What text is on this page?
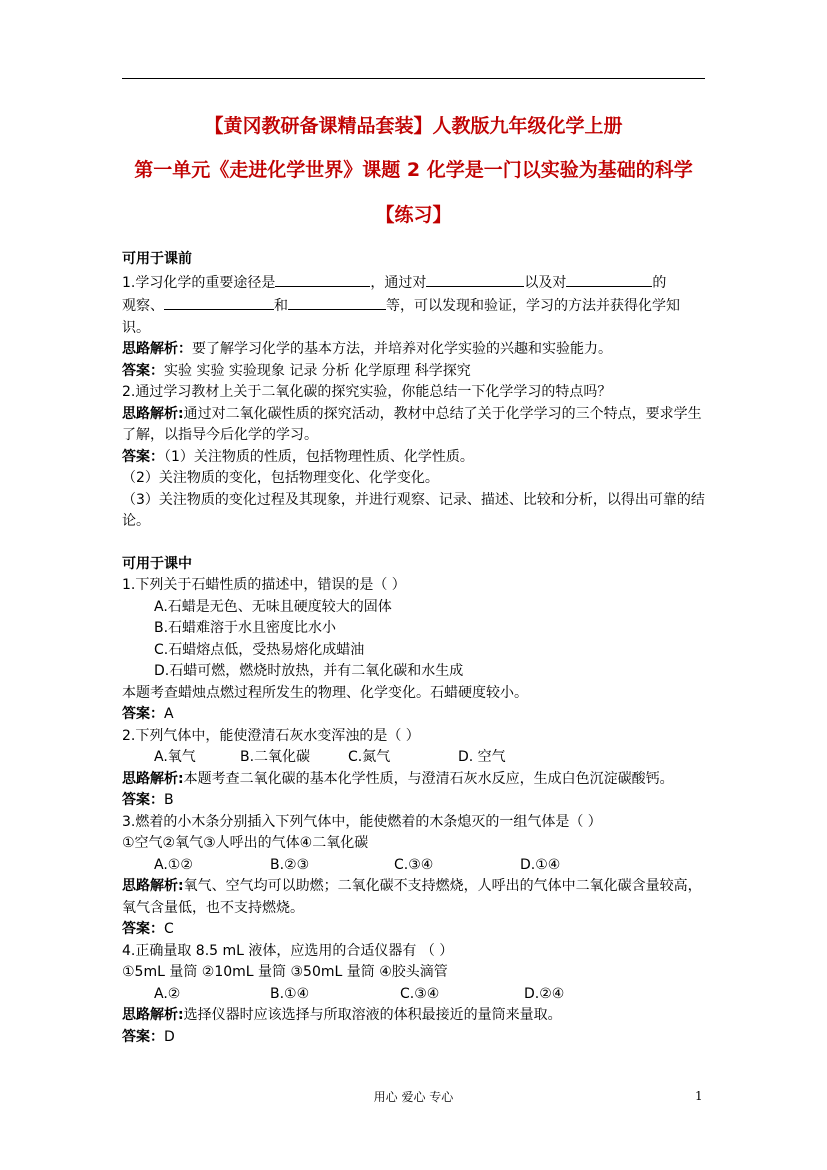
【黄冈教研备课精品套装】人教版九年级化学上册
第一单元《走进化学世界》课题 2 化学是一门以实验为基础的科学
【练习】

可用于课前

1.学习化学的重要途径是	，通过对	以及对	的
观察、	和	等，可以发现和验证，学习的方法并获得化学知识。

思路解析：要了解学习化学的基本方法，并培养对化学实验的兴趣和实验能力。

答案：实验 实验 实验现象 记录 分析 化学原理 科学探究

2.通过学习教材上关于二氧化碳的探究实验，你能总结一下化学学习的特点吗？

思路解析:通过对二氧化碳性质的探究活动，教材中总结了关于化学学习的三个特点，要求学生了解，以指导今后化学的学习。

答案：（1）关注物质的性质，包括物理性质、化学性质。

（2）关注物质的变化，包括物理变化、化学变化。

（3）关注物质的变化过程及其现象，并进行观察、记录、描述、比较和分析，以得出可靠的结论。

可用于课中

1.下列关于石蜡性质的描述中，错误的是（ ）

A.石蜡是无色、无味且硬度较大的固体

B.石蜡难溶于水且密度比水小

C.石蜡熔点低，受热易熔化成蜡油

D.石蜡可燃，燃烧时放热，并有二氧化碳和水生成

本题考查蜡烛点燃过程所发生的物理、化学变化。石蜡硬度较小。

答案：A

2.下列气体中，能使澄清石灰水变浑浊的是（ ）

A.氧气	B.二氧化碳	C.氮气	D. 空气

思路解析:本题考查二氧化碳的基本化学性质，与澄清石灰水反应，生成白色沉淀碳酸钙。

答案：B

3.燃着的小木条分别插入下列气体中，能使燃着的木条熄灭的一组气体是（ ）

①空气②氧气③人呼出的气体④二氧化碳

A.①②	B.②③	C.③④	D.①④

思路解析:氧气、空气均可以助燃；二氧化碳不支持燃烧，人呼出的气体中二氧化碳含量较高，氧气含量低，也不支持燃烧。

答案：C

4.正确量取 8.5 mL 液体，应选用的合适仪器有 （ ）

①5mL 量筒 ②10mL 量筒 ③50mL 量筒 ④胶头滴管

A.②	B.①④	C.③④	D.②④

思路解析:选择仪器时应该选择与所取溶液的体积最接近的量筒来量取。

答案：D

用心 爱心 专心	1
